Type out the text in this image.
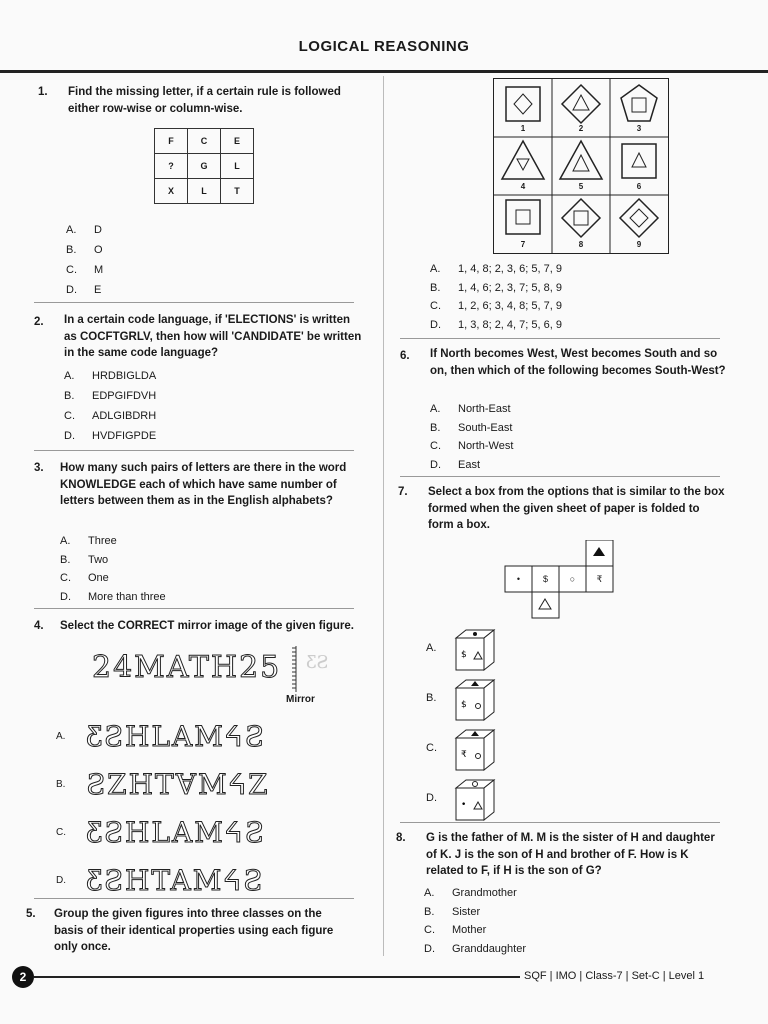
LOGICAL REASONING
1. Find the missing letter, if a certain rule is followed either row-wise or column-wise.
F	C	E
?	G	L
X	L	T
A. D
B. O
C. M
D. E
2. In a certain code language, if 'ELECTIONS' is written as COCFTGRLV, then how will 'CANDIDATE' be written in the same code language?
A. HRDBIGLDA
B. EDPGIFDVH
C. ADLGIBDRH
D. HVDFIGPDE
3. How many such pairs of letters are there in the word KNOWLEDGE each of which have same number of letters between them as in the English alphabets?
A. Three
B. Two
C. One
D. More than three
4. Select the CORRECT mirror image of the given figure.
24MATH25 ƸƧ
Mirror
A. ƸƧHLAMᔦƧ
B. ƧZHTⱯMᔦZ
C. ƸƧHLAMᔦƧ
D. ƸƧHTAMᔦƧ
5. Group the given figures into three classes on the basis of their identical properties using each figure only once.
1	2	3
4	5	6
7	8	9
A. 1, 4, 8; 2, 3, 6; 5, 7, 9
B. 1, 4, 6; 2, 3, 7; 5, 8, 9
C. 1, 2, 6; 3, 4, 8; 5, 7, 9
D. 1, 3, 8; 2, 4, 7; 5, 6, 9
6. If North becomes West, West becomes South and so on, then which of the following becomes South-West?
A. North-East
B. South-East
C. North-West
D. East
7. Select a box from the options that is similar to the box formed when the given sheet of paper is folded to form a box.
•	$	○	₹
A.
$
B.
$
C.
₹
D.
•
8. G is the father of M. M is the sister of H and daughter of K. J is the son of H and brother of F. How is K related to F, if H is the son of G?
A. Grandmother
B. Sister
C. Mother
D. Granddaughter
2	SQF | IMO | Class-7 | Set-C | Level 1
